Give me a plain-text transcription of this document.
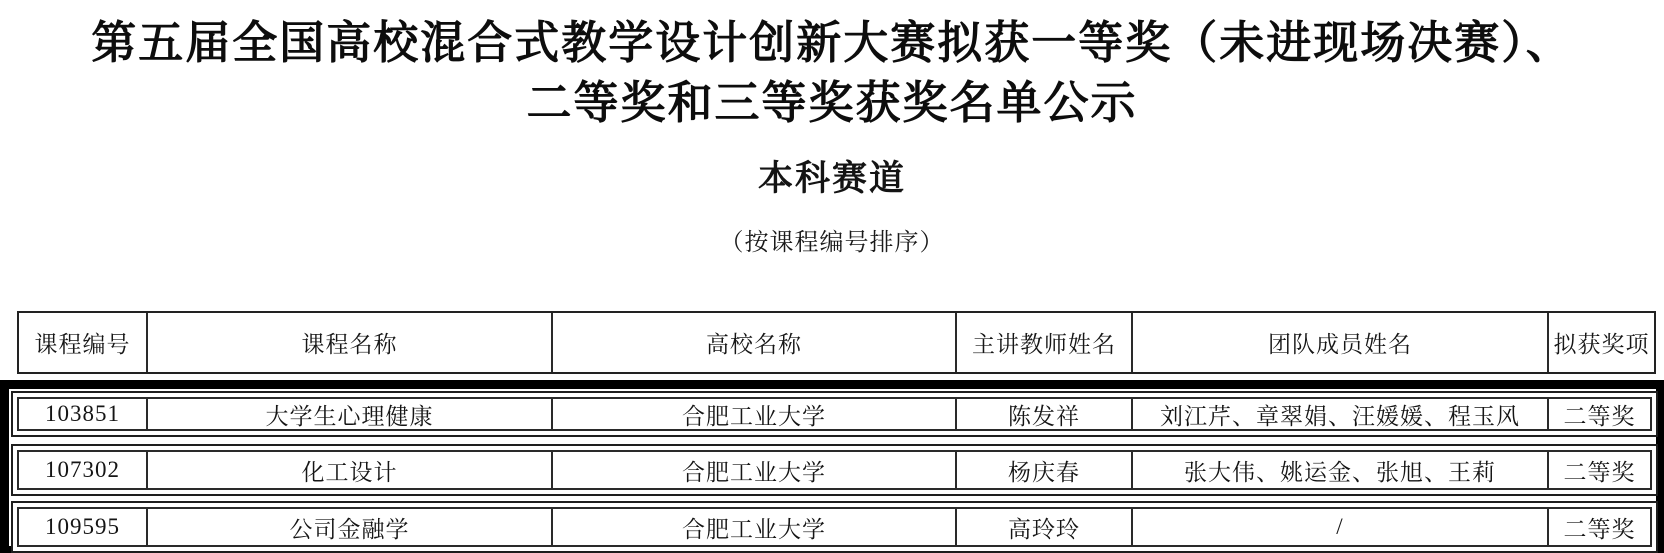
第五届全国高校混合式教学设计创新大赛拟获一等奖（未进现场决赛）、
二等奖和三等奖获奖名单公示
本科赛道
（按课程编号排序）
课程编号	课程名称	高校名称	主讲教师姓名	团队成员姓名	拟获奖项
103851	大学生心理健康	合肥工业大学	陈发祥	刘江芹、章翠娟、汪媛媛、程玉风	二等奖
107302	化工设计	合肥工业大学	杨庆春	张大伟、姚运金、张旭、王莉	二等奖
109595	公司金融学	合肥工业大学	高玲玲	/	二等奖
